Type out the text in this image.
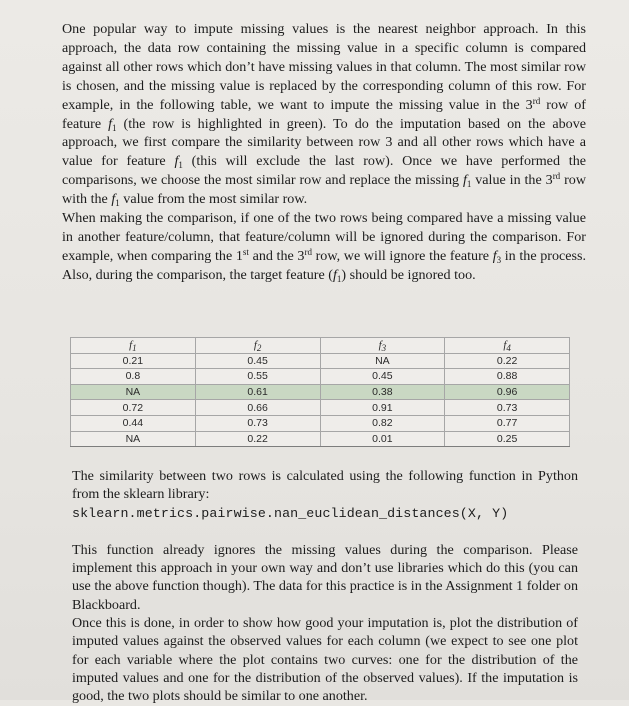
One popular way to impute missing values is the nearest neighbor approach. In this approach, the data row containing the missing value in a specific column is compared against all other rows which don’t have missing values in that column. The most similar row is chosen, and the missing value is replaced by the corresponding column of this row. For example, in the following table, we want to impute the missing value in the 3rd row of feature $f_1$ (the row is highlighted in green). To do the imputation based on the above approach, we first compare the similarity between row 3 and all other rows which have a value for feature $f_1$ (this will exclude the last row). Once we have performed the comparisons, we choose the most similar row and replace the missing $f_1$ value in the 3rd row with the $f_1$ value from the most similar row.

When making the comparison, if one of the two rows being compared have a missing value in another feature/column, that feature/column will be ignored during the comparison. For example, when comparing the 1st and the 3rd row, we will ignore the feature $f_3$ in the process. Also, during the comparison, the target feature $(f_1)$ should be ignored too.

$f_1$	$f_2$	$f_3$	$f_4$
0.21	0.45	NA	0.22
0.8	0.55	0.45	0.88
NA	0.61	0.38	0.96
0.72	0.66	0.91	0.73
0.44	0.73	0.82	0.77
NA	0.22	0.01	0.25

The similarity between two rows is calculated using the following function in Python from the sklearn library:
sklearn.metrics.pairwise.nan_euclidean_distances(X, Y)

This function already ignores the missing values during the comparison. Please implement this approach in your own way and don’t use libraries which do this (you can use the above function though). The data for this practice is in the Assignment 1 folder on Blackboard.

Once this is done, in order to show how good your imputation is, plot the distribution of imputed values against the observed values for each column (we expect to see one plot for each variable where the plot contains two curves: one for the distribution of the imputed values and one for the distribution of the observed values). If the imputation is good, the two plots should be similar to one another.
